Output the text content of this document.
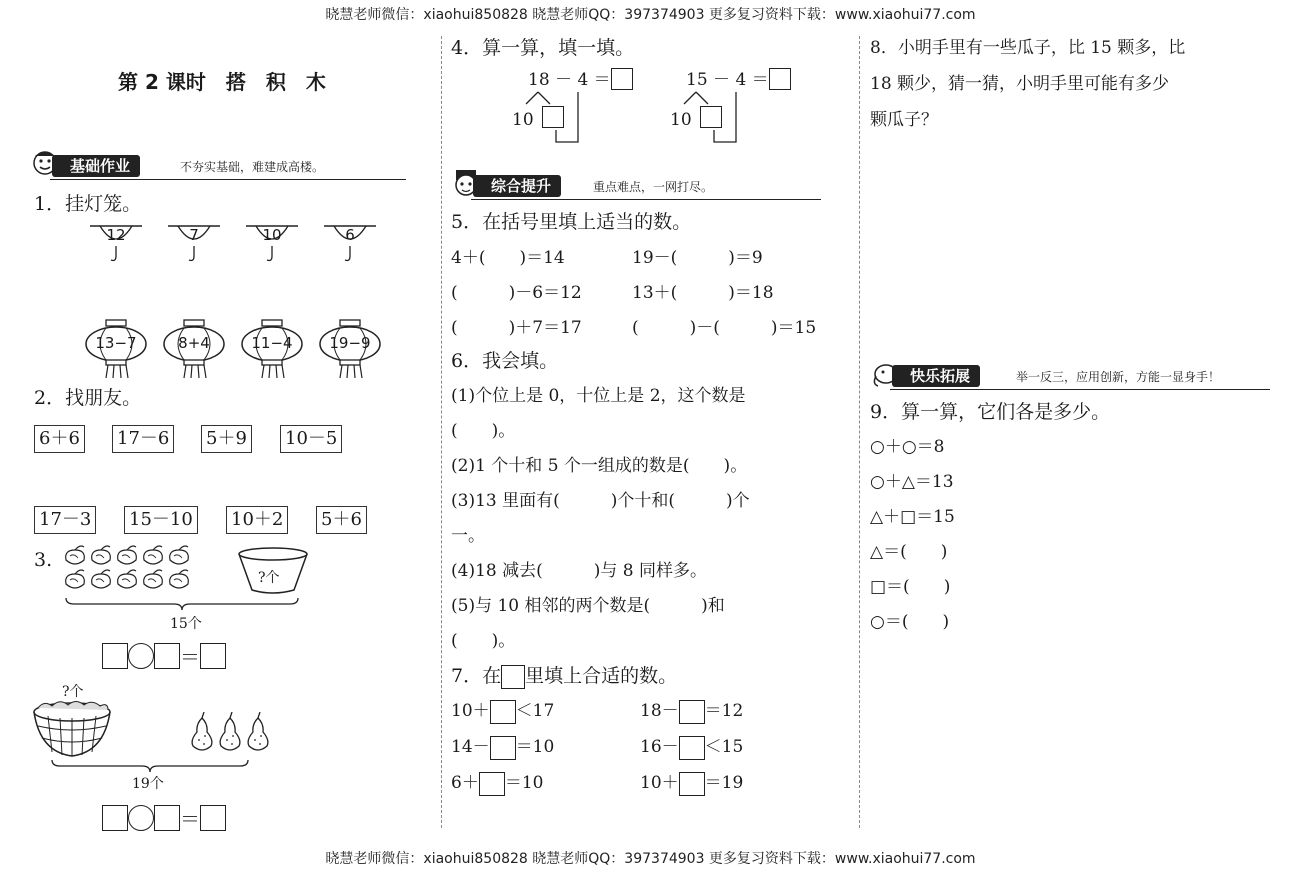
晓慧老师微信：xiaohui850828 晓慧老师QQ：397374903 更多复习资料下载：www.xiaohui77.com
晓慧老师微信：xiaohui850828 晓慧老师QQ：397374903 更多复习资料下载：www.xiaohui77.com
第 2 课时　搭　积　木
基础作业	不夯实基础，难建成高楼。
1．挂灯笼。
12	7	10	6
13−7	8+4	11−4	19−9
2．找朋友。
6＋6 17－6 5＋9 10－5
17－3 15－10 10＋2 5＋6
3.
?个
15个
＝
?个
19个
＝
4．算一算，填一填。
18 － 4 ＝
10
15 － 4 ＝
10
综合提升	重点难点，一网打尽。
5．在括号里填上适当的数。
4＋(　　)＝14	19－(　　　)＝9
(　　　)－6＝12	13＋(　　　)＝18
(　　　)＋7＝17	(　　　)－(　　　)＝15
6．我会填。
(1)个位上是 0，十位上是 2，这个数是
(　　)。
(2)1 个十和 5 个一组成的数是(　　)。
(3)13 里面有(　　　)个十和(　　　)个
一。
(4)18 减去(　　　)与 8 同样多。
(5)与 10 相邻的两个数是(　　　)和
(　　)。
7．在 里填上合适的数。
10＋ ＜17	18－ ＝12
14－ ＝10	16－ ＜15
6＋ ＝10	10＋ ＝19
8．小明手里有一些瓜子，比 15 颗多，比
18 颗少，猜一猜，小明手里可能有多少
颗瓜子？
快乐拓展	举一反三，应用创新，方能一显身手！
9．算一算，它们各是多少。
○＋○＝8
○＋△＝13
△＋□＝15
△＝(　　)
□＝(　　)
○＝(　　)
